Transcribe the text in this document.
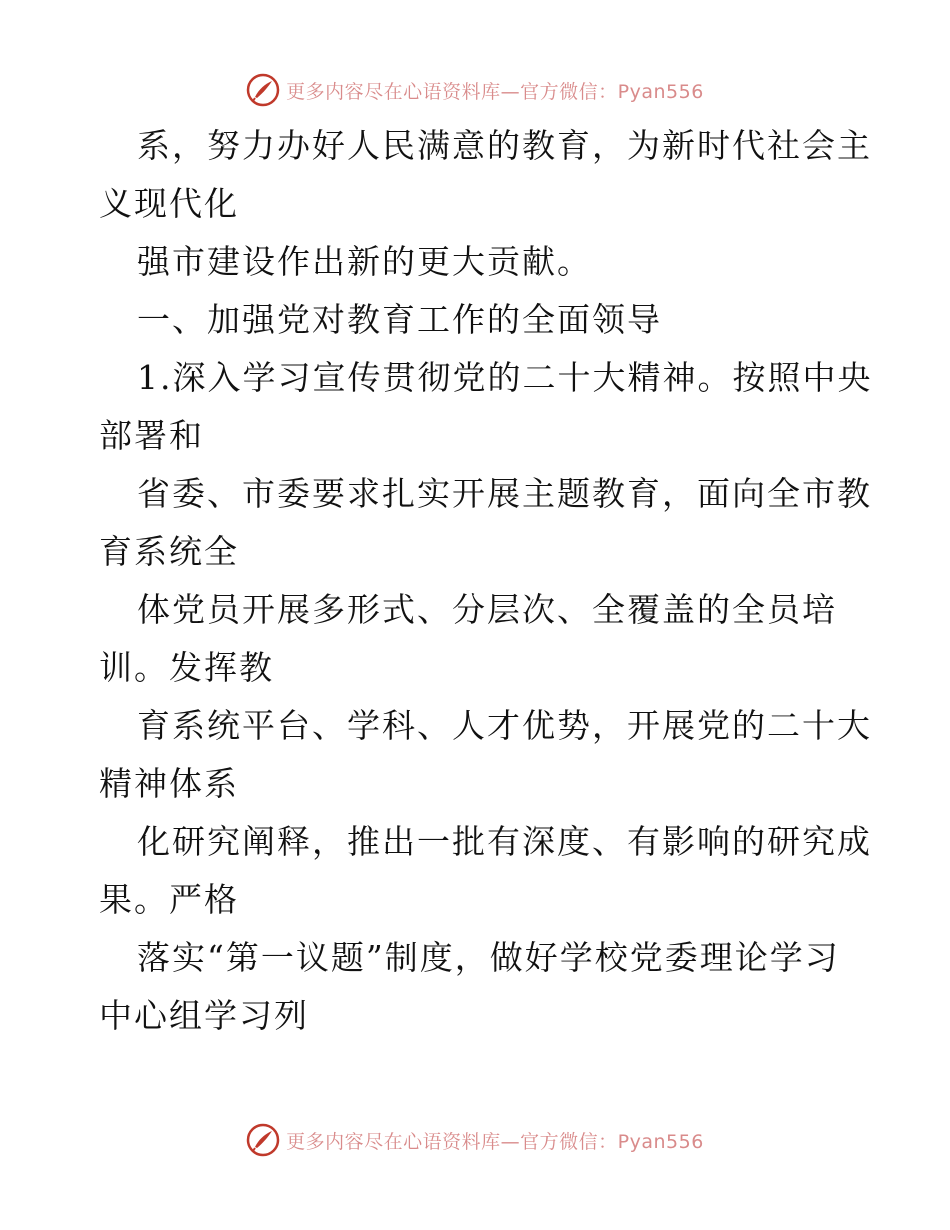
更多内容尽在心语资料库—官方微信：Pyan556
系，努力办好人民满意的教育，为新时代社会主
义现代化
强市建设作出新的更大贡献。
一、加强党对教育工作的全面领导
1.深入学习宣传贯彻党的二十大精神。按照中央
部署和
省委、市委要求扎实开展主题教育，面向全市教
育系统全
体党员开展多形式、分层次、全覆盖的全员培
训。发挥教
育系统平台、学科、人才优势，开展党的二十大
精神体系
化研究阐释，推出一批有深度、有影响的研究成
果。严格
落实“第一议题”制度，做好学校党委理论学习
中心组学习列
更多内容尽在心语资料库—官方微信：Pyan556
